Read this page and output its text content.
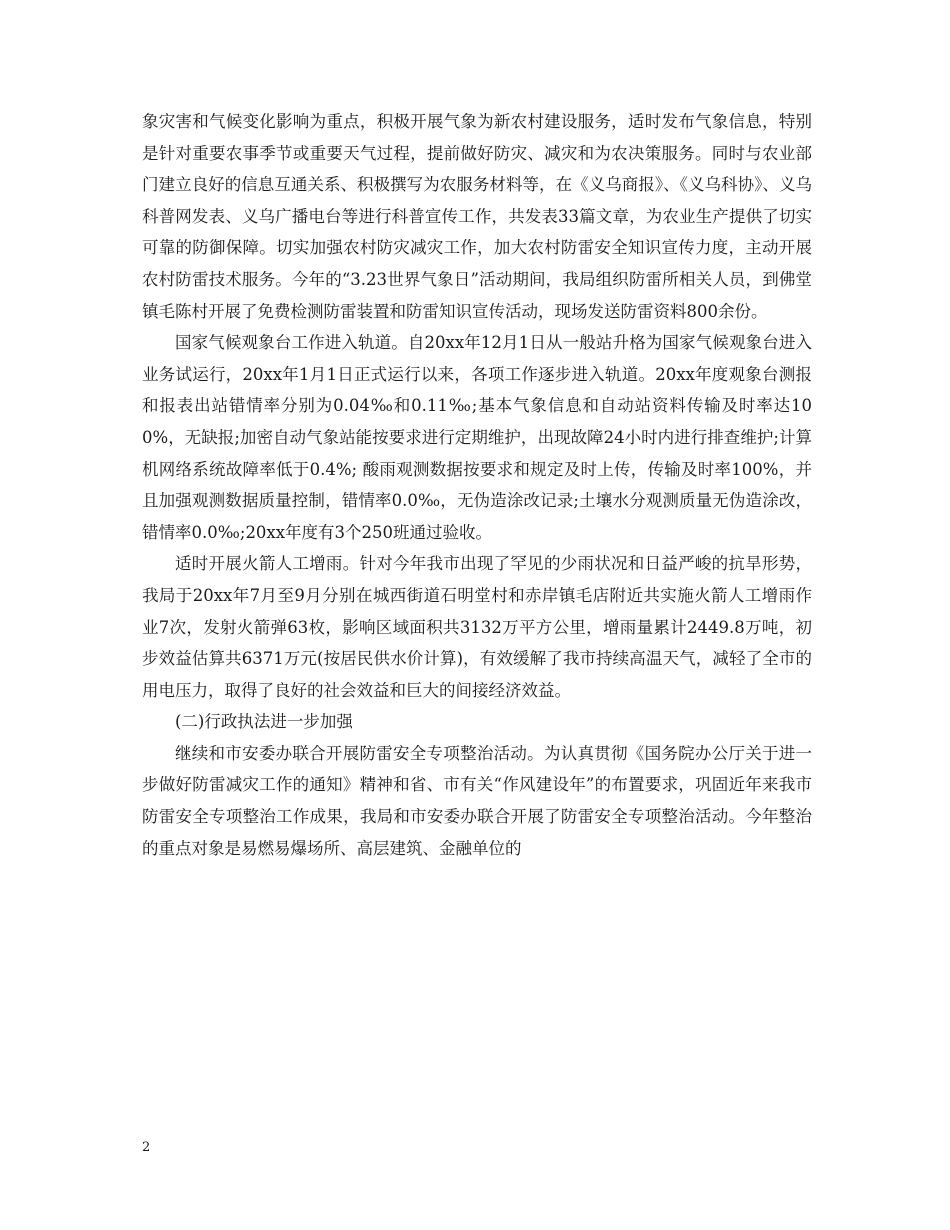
象灾害和气候变化影响为重点，积极开展气象为新农村建设服务，适时发布气象信息，特别是针对重要农事季节或重要天气过程，提前做好防灾、减灾和为农决策服务。同时与农业部门建立良好的信息互通关系、积极撰写为农服务材料等，在《义乌商报》、《义乌科协》、义乌科普网发表、义乌广播电台等进行科普宣传工作，共发表33篇文章，为农业生产提供了切实可靠的防御保障。切实加强农村防灾减灾工作，加大农村防雷安全知识宣传力度，主动开展农村防雷技术服务。今年的“3.23世界气象日”活动期间，我局组织防雷所相关人员，到佛堂镇毛陈村开展了免费检测防雷装置和防雷知识宣传活动，现场发送防雷资料800余份。

国家气候观象台工作进入轨道。自20xx年12月1日从一般站升格为国家气候观象台进入业务试运行，20xx年1月1日正式运行以来，各项工作逐步进入轨道。20xx年度观象台测报和报表出站错情率分别为0.04‰和0.11‰;基本气象信息和自动站资料传输及时率达100%，无缺报;加密自动气象站能按要求进行定期维护，出现故障24小时内进行排查维护;计算机网络系统故障率低于0.4%; 酸雨观测数据按要求和规定及时上传，传输及时率100%，并且加强观测数据质量控制，错情率0.0‰，无伪造涂改记录;土壤水分观测质量无伪造涂改，错情率0.0‰;20xx年度有3个250班通过验收。

适时开展火箭人工增雨。针对今年我市出现了罕见的少雨状况和日益严峻的抗旱形势，我局于20xx年7月至9月分别在城西街道石明堂村和赤岸镇毛店附近共实施火箭人工增雨作业7次，发射火箭弹63枚，影响区域面积共3132万平方公里，增雨量累计2449.8万吨，初步效益估算共6371万元(按居民供水价计算)，有效缓解了我市持续高温天气，减轻了全市的用电压力，取得了良好的社会效益和巨大的间接经济效益。

(二)行政执法进一步加强

继续和市安委办联合开展防雷安全专项整治活动。为认真贯彻《国务院办公厅关于进一步做好防雷减灾工作的通知》精神和省、市有关“作风建设年”的布置要求，巩固近年来我市防雷安全专项整治工作成果，我局和市安委办联合开展了防雷安全专项整治活动。今年整治的重点对象是易燃易爆场所、高层建筑、金融单位的

2
